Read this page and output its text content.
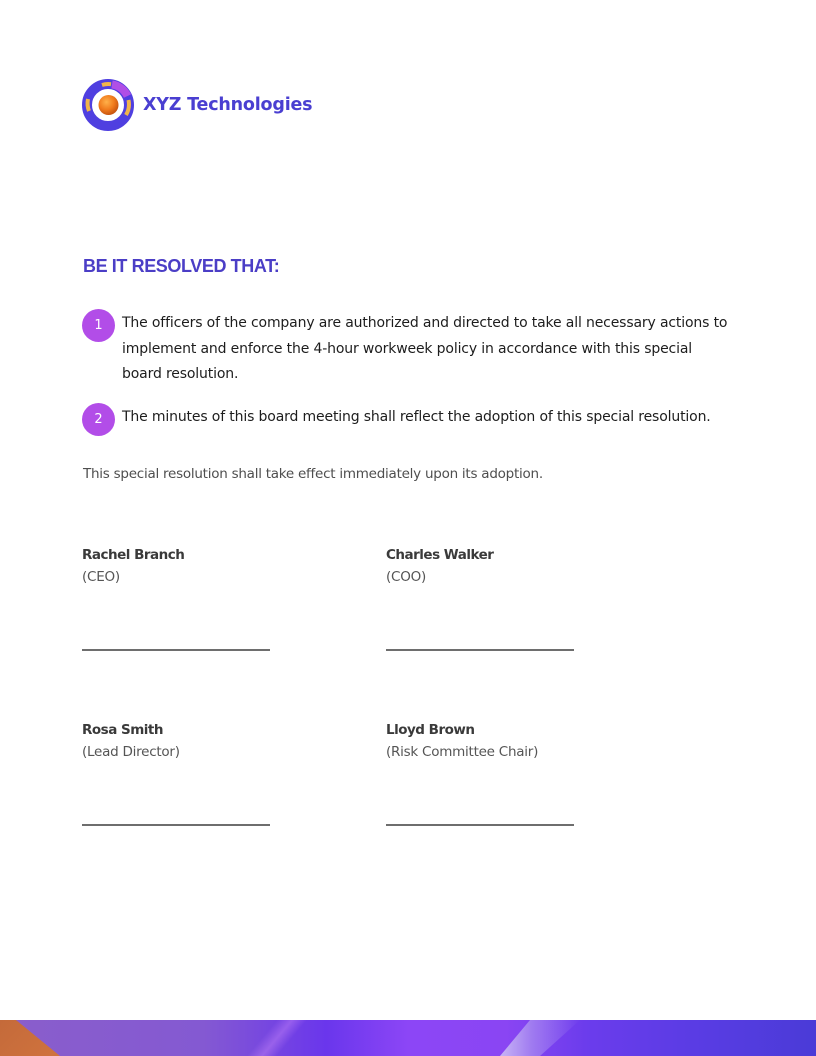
XYZ Technologies
BE IT RESOLVED THAT:
1	The officers of the company are authorized and directed to take all necessary actions to implement and enforce the 4-hour workweek policy in accordance with this special board resolution.
2	The minutes of this board meeting shall reflect the adoption of this special resolution.
This special resolution shall take effect immediately upon its adoption.
Rachel Branch
(CEO)
Charles Walker
(COO)
Rosa Smith
(Lead Director)
Lloyd Brown
(Risk Committee Chair)
